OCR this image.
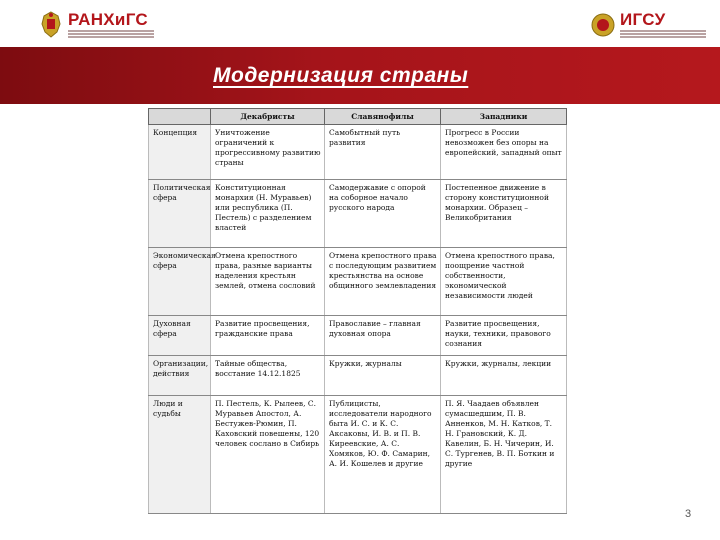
РАНХиГС	ИГСУ
Модернизация страны
	Декабристы	Славянофилы	Западники
Концепция	Уничтожение ограничений к прогрессивному развитию страны	Самобытный путь развития	Прогресс в России невозможен без опоры на европейский, западный опыт
Политическая сфера	Конституционная монархия (Н. Муравьев) или республика (П. Пестель) с разделением властей	Самодержавие с опорой на соборное начало русского народа	Постепенное движение в сторону конституционной монархии. Образец – Великобритания
Экономическая сфера	Отмена крепостного права, разные варианты наделения крестьян землей, отмена сословий	Отмена крепостного права с последующим развитием крестьянства на основе общинного землевладения	Отмена крепостного права, поощрение частной собственности, экономической независимости людей
Духовная сфера	Развитие просвещения, гражданские права	Православие – главная духовная опора	Развитие просвещения, науки, техники, правового сознания
Организации, действия	Тайные общества, восстание 14.12.1825	Кружки, журналы	Кружки, журналы, лекции
Люди и судьбы	П. Пестель, К. Рылеев, С. Муравьев Апостол, А. Бестужев-Рюмин, П. Каховский повешены, 120 человек сослано в Сибирь	Публицисты, исследователи народного быта И. С. и К. С. Аксаковы, И. В. и П. В. Киреевские, А. С. Хомяков, Ю. Ф. Самарин, А. И. Кошелев и другие	П. Я. Чаадаев объявлен сумасшедшим, П. В. Анненков, М. Н. Катков, Т. Н. Грановский, К. Д. Кавелин, Б. Н. Чичерин, И. С. Тургенев, В. П. Боткин и другие
3
